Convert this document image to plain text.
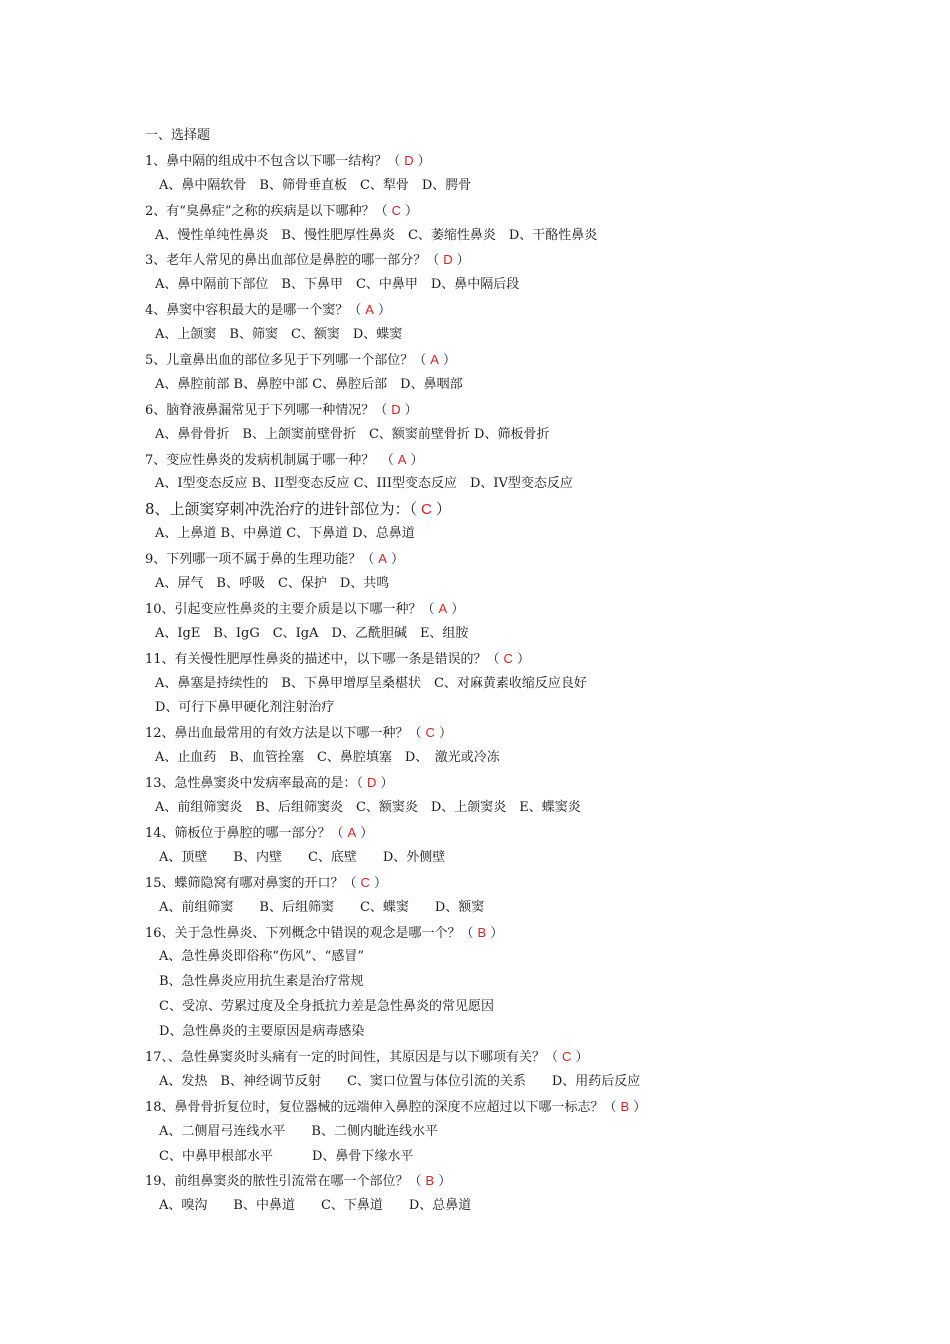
一、选择题
1、鼻中隔的组成中不包含以下哪一结构？（ D ）
A、鼻中隔软骨　B、筛骨垂直板　C、犁骨　D、腭骨
2、有“臭鼻症”之称的疾病是以下哪种？（ C ）
A、慢性单纯性鼻炎　B、慢性肥厚性鼻炎　C、萎缩性鼻炎　D、干酪性鼻炎
3、老年人常见的鼻出血部位是鼻腔的哪一部分？（ D ）
A、鼻中隔前下部位　B、下鼻甲　C、中鼻甲　D、鼻中隔后段
4、鼻窦中容积最大的是哪一个窦？（ A ）
A、上颌窦　B、筛窦　C、额窦　D、蝶窦
5、儿童鼻出血的部位多见于下列哪一个部位？（ A ）
A、鼻腔前部 B、鼻腔中部 C、鼻腔后部　D、鼻咽部
6、脑脊液鼻漏常见于下列哪一种情况？（ D ）
A、鼻骨骨折　B、上颌窦前壁骨折　C、额窦前壁骨折 D、筛板骨折
7、变应性鼻炎的发病机制属于哪一种？　（ A ）
A、I型变态反应 B、II型变态反应 C、III型变态反应　D、IV型变态反应
8、上颌窦穿刺冲洗治疗的进针部位为：（ C ）
A、上鼻道 B、中鼻道 C、下鼻道 D、总鼻道
9、下列哪一项不属于鼻的生理功能？（ A ）
A、屏气　B、呼吸　C、保护　D、共鸣
10、引起变应性鼻炎的主要介质是以下哪一种？（ A ）
A、IgE　B、IgG　C、IgA　D、乙酰胆碱　E、组胺
11、有关慢性肥厚性鼻炎的描述中，以下哪一条是错误的？（ C ）
A、鼻塞是持续性的　B、下鼻甲增厚呈桑椹状　C、对麻黄素收缩反应良好
D、可行下鼻甲硬化剂注射治疗
12、鼻出血最常用的有效方法是以下哪一种？（ C ）
A、止血药　B、血管拴塞　C、鼻腔填塞　D、　激光或冷冻
13、急性鼻窦炎中发病率最高的是：（ D ）
A、前组筛窦炎　B、后组筛窦炎　C、额窦炎　D、上颌窦炎　E、蝶窦炎
14、筛板位于鼻腔的哪一部分？（ A ）
A、顶壁　　B、内壁　　C、底壁　　D、外侧壁
15、蝶筛隐窝有哪对鼻窦的开口？（ C ）
A、前组筛窦　　B、后组筛窦　　C、蝶窦　　D、额窦
16、关于急性鼻炎、下列概念中错误的观念是哪一个？（ B ）
A、急性鼻炎即俗称“伤风”、“感冒”
B、急性鼻炎应用抗生素是治疗常规
C、受凉、劳累过度及全身抵抗力差是急性鼻炎的常见愿因
D、急性鼻炎的主要原因是病毒感染
17、、急性鼻窦炎时头痛有一定的时间性，其原因是与以下哪项有关？（ C ）
A、发热　B、神经调节反射　　C、窦口位置与体位引流的关系　　D、用药后反应
18、鼻骨骨折复位时，复位器械的远端伸入鼻腔的深度不应超过以下哪一标志？（ B ）
A、二侧眉弓连线水平　　B、二侧内眦连线水平
C、中鼻甲根部水平　　　D、鼻骨下缘水平
19、前组鼻窦炎的脓性引流常在哪一个部位？（ B ）
A、嗅沟　　B、中鼻道　　C、下鼻道　　D、总鼻道
